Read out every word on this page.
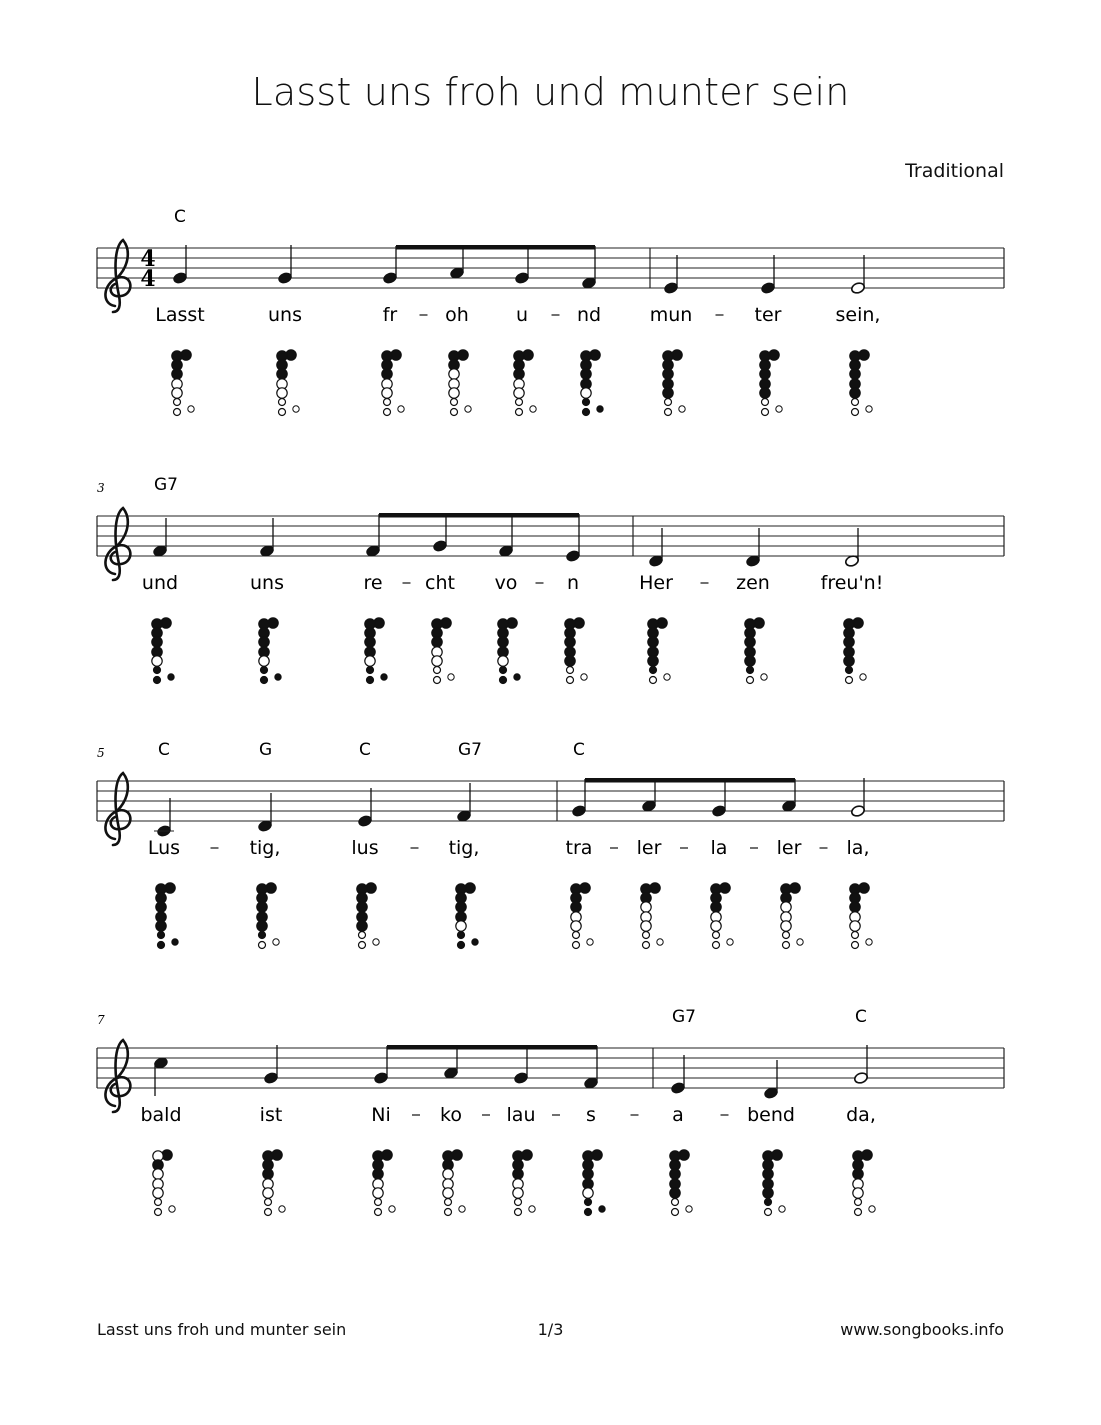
Lasst uns froh und munter sein
Traditional
4
4
C
Lasst	uns	fr	oh u	nd	mun	ter	sein,
3	G7
und	uns	re cht vo	n	Her	zen	freu'n!
5	C	G	C	G7	C
Lus	tig,	lus	tig,	tra ler	la	ler la,
7	G7	C
bald	ist	Ni	ko lau	s	a	bend	da,
Lasst uns froh und munter sein	1/3	www.songbooks.info
